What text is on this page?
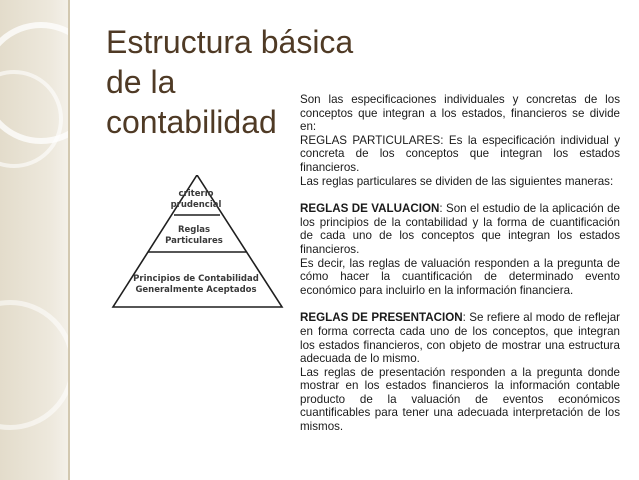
Estructura básica de la
contabilidad
criterio
prudencial
Reglas
Particulares
Principios de Contabilidad
Generalmente Aceptados

Son las especificaciones individuales y concretas de los conceptos que integran a los estados, financieros se divide en:

REGLAS PARTICULARES: Es la especificación individual y concreta de los conceptos que integran los estados financieros.

Las reglas particulares se dividen de las siguientes maneras:

REGLAS DE VALUACION: Son el estudio de la aplicación de los principios de la contabilidad y la forma de cuantificación de cada uno de los conceptos que integran los estados financieros.

Es decir, las reglas de valuación responden a la pregunta de cómo hacer la cuantificación de determinado evento económico para incluirlo en la información financiera.

REGLAS DE PRESENTACION: Se refiere al modo de reflejar en forma correcta cada uno de los conceptos, que integran los estados financieros, con objeto de mostrar una estructura adecuada de lo mismo.

Las reglas de presentación responden a la pregunta donde mostrar en los estados financieros la información contable producto de la valuación de eventos económicos cuantificables para tener una adecuada interpretación de los mismos.
